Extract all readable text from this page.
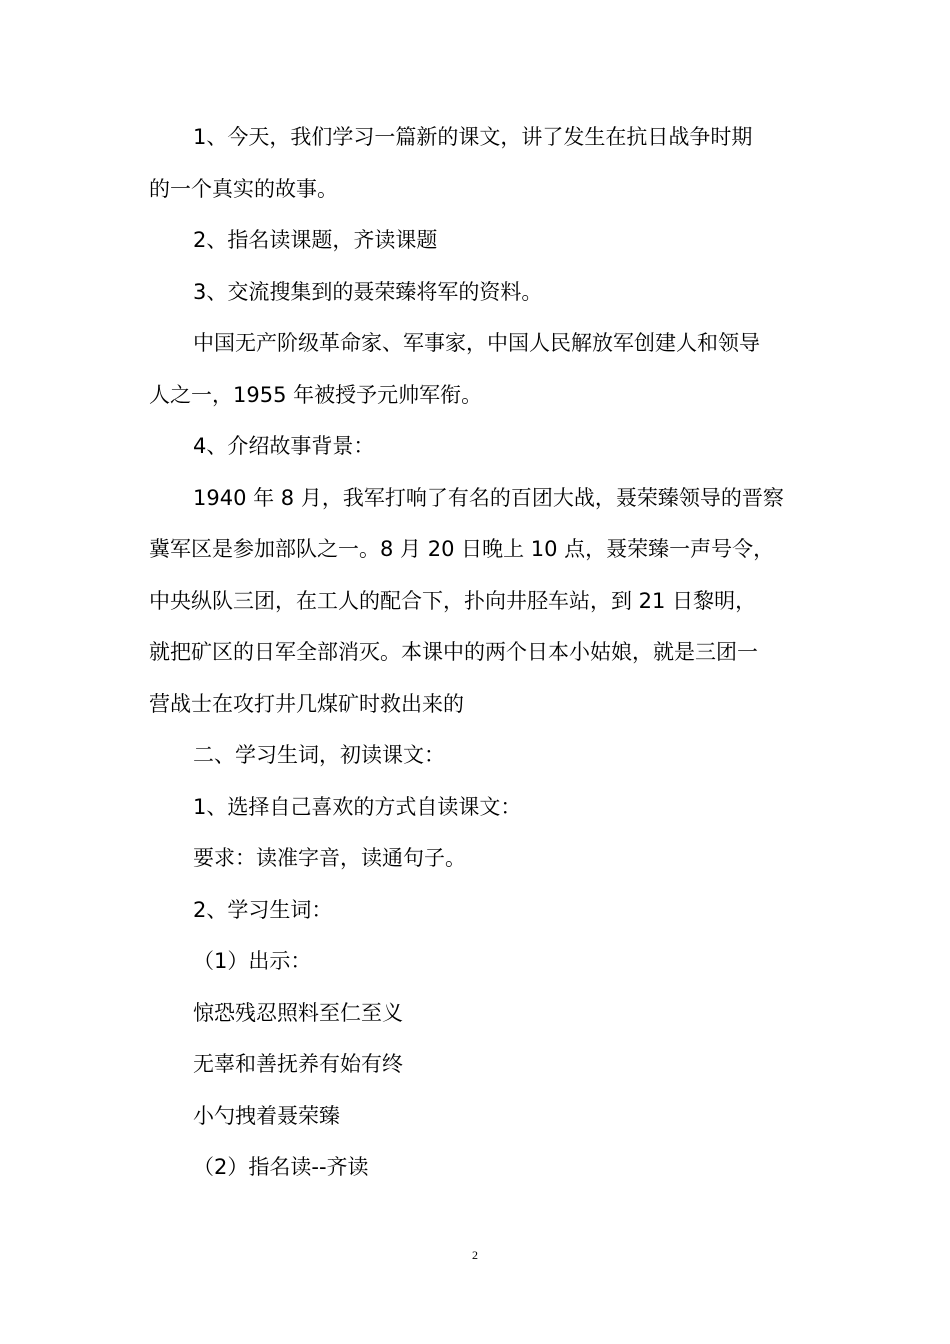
1、今天，我们学习一篇新的课文，讲了发生在抗日战争时期

的一个真实的故事。

2、指名读课题，齐读课题

3、交流搜集到的聂荣臻将军的资料。

中国无产阶级革命家、军事家，中国人民解放军创建人和领导

人之一，1955 年被授予元帅军衔。

4、介绍故事背景：

1940 年 8 月，我军打响了有名的百团大战，聂荣臻领导的晋察

冀军区是参加部队之一。8 月 20 日晚上 10 点，聂荣臻一声号令，

中央纵队三团，在工人的配合下，扑向井胫车站，到 21 日黎明，

就把矿区的日军全部消灭。本课中的两个日本小姑娘，就是三团一

营战士在攻打井几煤矿时救出来的

二、学习生词，初读课文：

1、选择自己喜欢的方式自读课文：

要求：读准字音，读通句子。

2、学习生词：

（1）出示：

惊恐残忍照料至仁至义

无辜和善抚养有始有终

小勺拽着聂荣臻

（2）指名读--齐读

2
